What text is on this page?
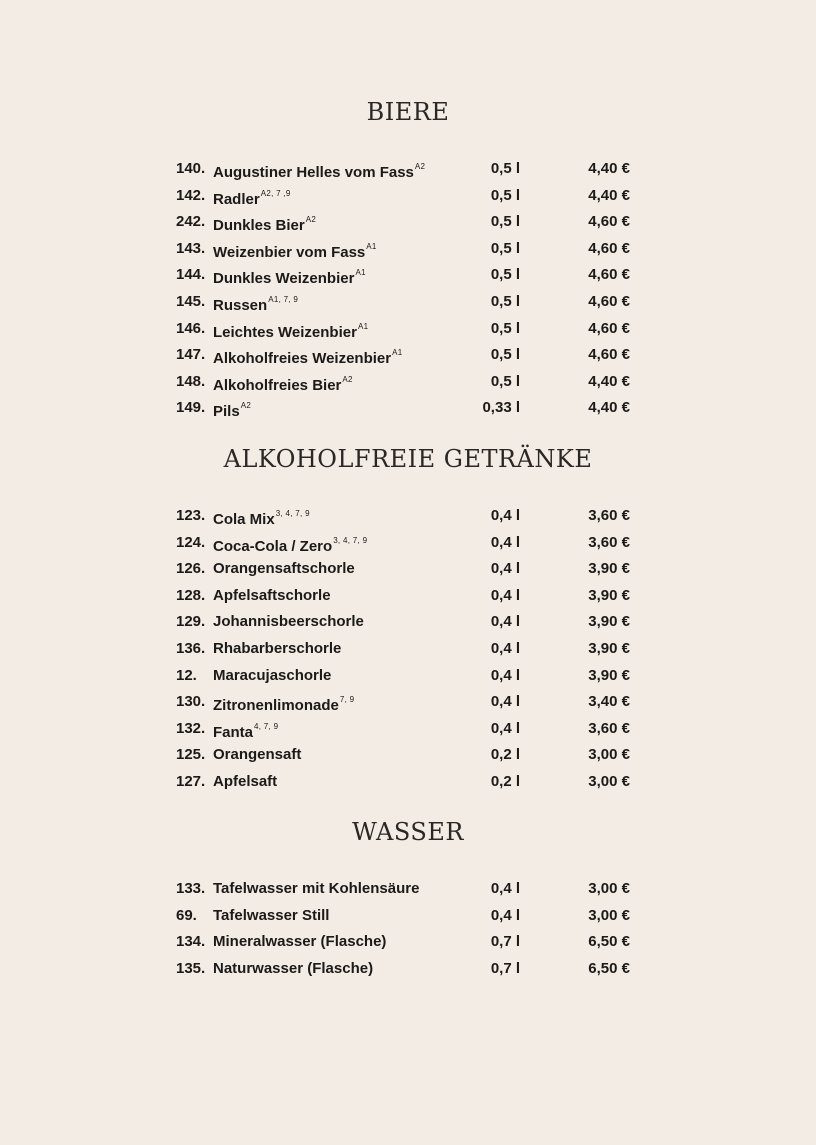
BIERE
140. Augustiner Helles vom Fass$^{A2}$	0,5 l	4,40 €
142. Radler$^{A2, 7 ,9}$	0,5 l	4,40 €
242. Dunkles Bier$^{A2}$	0,5 l	4,60 €
143. Weizenbier vom Fass$^{A1}$	0,5 l	4,60 €
144. Dunkles Weizenbier$^{A1}$	0,5 l	4,60 €
145. Russen$^{A1, 7, 9}$	0,5 l	4,60 €
146. Leichtes Weizenbier$^{A1}$	0,5 l	4,60 €
147. Alkoholfreies Weizenbier$^{A1}$	0,5 l	4,60 €
148. Alkoholfreies Bier$^{A2}$	0,5 l	4,40 €
149. Pils$^{A2}$	0,33 l	4,40 €
ALKOHOLFREIE GETRÄNKE
123. Cola Mix$^{3, 4, 7, 9}$	0,4 l	3,60 €
124. Coca-Cola / Zero$^{3, 4, 7, 9}$	0,4 l	3,60 €
126. Orangensaftschorle	0,4 l	3,90 €
128. Apfelsaftschorle	0,4 l	3,90 €
129. Johannisbeerschorle	0,4 l	3,90 €
136. Rhabarberschorle	0,4 l	3,90 €
12. Maracujaschorle	0,4 l	3,90 €
130. Zitronenlimonade$^{7, 9}$	0,4 l	3,40 €
132. Fanta$^{4, 7, 9}$	0,4 l	3,60 €
125. Orangensaft	0,2 l	3,00 €
127. Apfelsaft	0,2 l	3,00 €
WASSER
133. Tafelwasser mit Kohlensäure	0,4 l	3,00 €
69. Tafelwasser Still	0,4 l	3,00 €
134. Mineralwasser (Flasche)	0,7 l	6,50 €
135. Naturwasser (Flasche)	0,7 l	6,50 €
